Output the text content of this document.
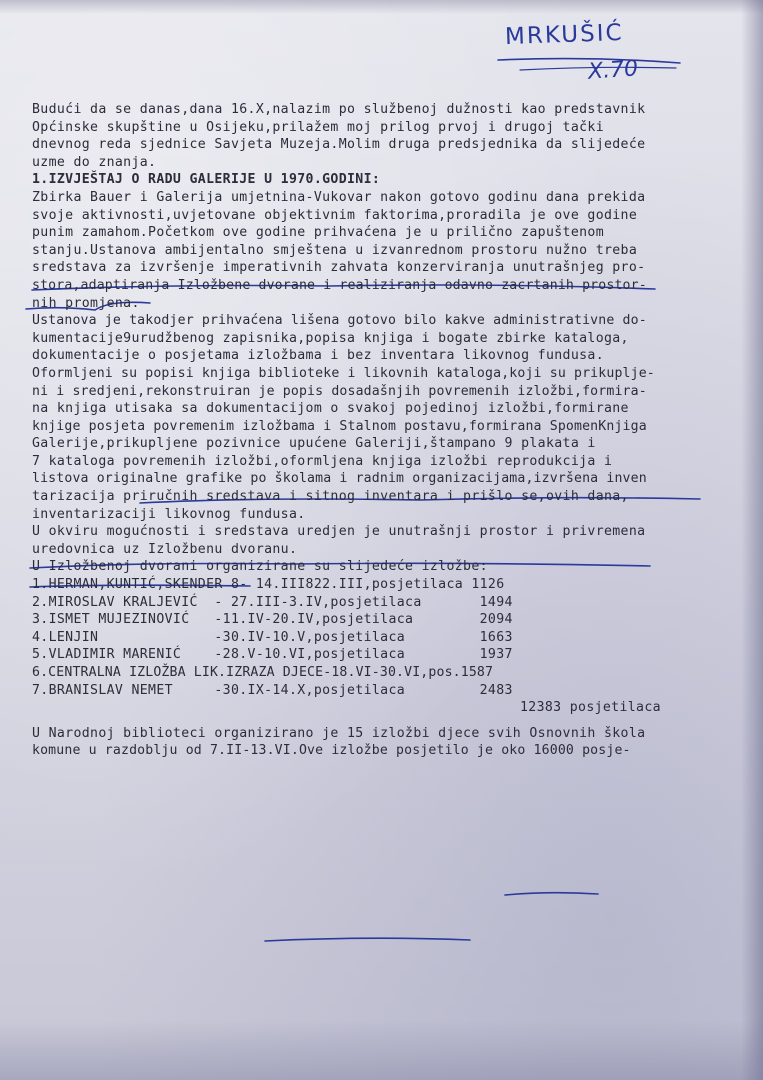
MRKUŠIĆ
X.70
Budući da se danas,dana 16.X,nalazim po službenoj dužnosti kao predstavnik
Općinske skupštine u Osijeku,prilažem moj prilog prvoj i drugoj tački
dnevnog reda sjednice Savjeta Muzeja.Molim druga predsjednika da slijedeće
uzme do znanja.
1.IZVJEŠTAJ O RADU GALERIJE U 1970.GODINI:
Zbirka Bauer i Galerija umjetnina-Vukovar nakon gotovo godinu dana prekida
svoje aktivnosti,uvjetovane objektivnim faktorima,proradila je ove godine
punim zamahom.Početkom ove godine prihvaćena je u prilično zapuštenom
stanju.Ustanova ambijentalno smještena u izvanrednom prostoru nužno treba
sredstava za izvršenje imperativnih zahvata konzerviranja unutrašnjeg pro-
stora,adaptiranja Izložbene dvorane i realiziranja odavno zacrtanih prostor-
nih promjena.
Ustanova je takodjer prihvaćena lišena gotovo bilo kakve administrativne do-
kumentacije9urudžbenog zapisnika,popisa knjiga i bogate zbirke kataloga,
dokumentacije o posjetama izložbama i bez inventara likovnog fundusa.
Oformljeni su popisi knjiga biblioteke i likovnih kataloga,koji su prikuplje-
ni i sredjeni,rekonstruiran je popis dosadašnjih povremenih izložbi,formira-
na knjiga utisaka sa dokumentacijom o svakoj pojedinoj izložbi,formirane
knjige posjeta povremenim izložbama i Stalnom postavu,formirana SpomenKnjiga
Galerije,prikupljene pozivnice upućene Galeriji,štampano 9 plakata i
7 kataloga povremenih izložbi,oformljena knjiga izložbi reprodukcija i
listova originalne grafike po školama i radnim organizacijama,izvršena inven
tarizacija priručnih sredstava i sitnog inventara i prišlo se,ovih dana,
inventarizaciji likovnog fundusa.
U okviru mogućnosti i sredstava uredjen je unutrašnji prostor i privremena
uredovnica uz Izložbenu dvoranu.
U Izložbenoj dvorani organizirane su slijedeće izložbe:
1.HERMAN,KUNTIĆ,SKENDER 8- 14.III822.III,posjetilaca 1126
2.MIROSLAV KRALJEVIĆ  - 27.III-3.IV,posjetilaca       1494
3.ISMET MUJEZINOVIĆ   -11.IV-20.IV,posjetilaca        2094
4.LENJIN              -30.IV-10.V,posjetilaca         1663
5.VLADIMIR MARENIĆ    -28.V-10.VI,posjetilaca         1937
6.CENTRALNA IZLOŽBA LIK.IZRAZA DJECE-18.VI-30.VI,pos.1587
7.BRANISLAV NEMET     -30.IX-14.X,posjetilaca         2483
12383 posjetilaca
U Narodnoj biblioteci organizirano je 15 izložbi djece svih Osnovnih škola
komune u razdoblju od 7.II-13.VI.Ove izložbe posjetilo je oko 16000 posje-
